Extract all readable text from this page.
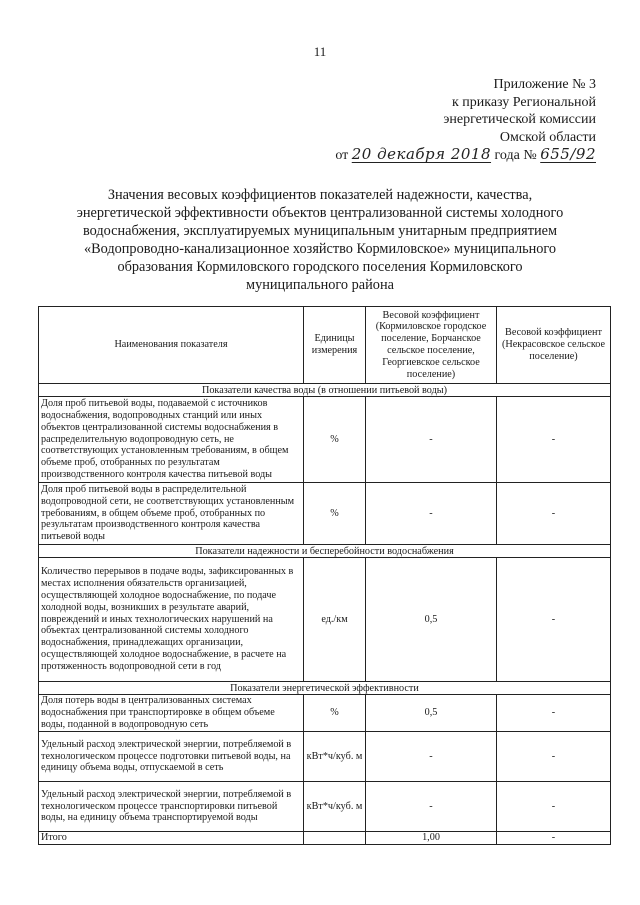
11
Приложение № 3
к приказу Региональной
энергетической комиссии
Омской области
от 20 декабря 2018 года № 655/92
Значения весовых коэффициентов показателей надежности, качества,
энергетической эффективности объектов централизованной системы холодного
водоснабжения, эксплуатируемых муниципальным унитарным предприятием
«Водопроводно-канализационное хозяйство Кормиловское» муниципального
образования Кормиловского городского поселения Кормиловского
муниципального района
Наименования показателя	Единицы измерения	Весовой коэффициент (Кормиловское городское поселение, Борчанское сельское поселение, Георгиевское сельское поселение)	Весовой коэффициент (Некрасовское сельское поселение)
Показатели качества воды (в отношении питьевой воды)			
Доля проб питьевой воды, подаваемой с источников водоснабжения, водопроводных станций или иных объектов централизованной системы водоснабжения в распределительную водопроводную сеть, не соответствующих установленным требованиям, в общем объеме проб, отобранных по результатам производственного контроля качества питьевой воды	%	-	-
Доля проб питьевой воды в распределительной водопроводной сети, не соответствующих установленным требованиям, в общем объеме проб, отобранных по результатам производственного контроля качества питьевой воды	%	-	-
Показатели надежности и бесперебойности водоснабжения			
Количество перерывов в подаче воды, зафиксированных в местах исполнения обязательств организацией, осуществляющей холодное водоснабжение, по подаче холодной воды, возникших в результате аварий, повреждений и иных технологических нарушений на объектах централизованной системы холодного водоснабжения, принадлежащих организации, осуществляющей холодное водоснабжение, в расчете на протяженность водопроводной сети в год	ед./км	0,5	-
Показатели энергетической эффективности			
Доля потерь воды в централизованных системах водоснабжения при транспортировке в общем объеме воды, поданной в водопроводную сеть	%	0,5	-
Удельный расход электрической энергии, потребляемой в технологическом процессе подготовки питьевой воды, на единицу объема воды, отпускаемой в сеть	кВт*ч/куб. м	-	-
Удельный расход электрической энергии, потребляемой в технологическом процессе транспортировки питьевой воды, на единицу объема транспортируемой воды	кВт*ч/куб. м	-	-
Итого		1,00	-
